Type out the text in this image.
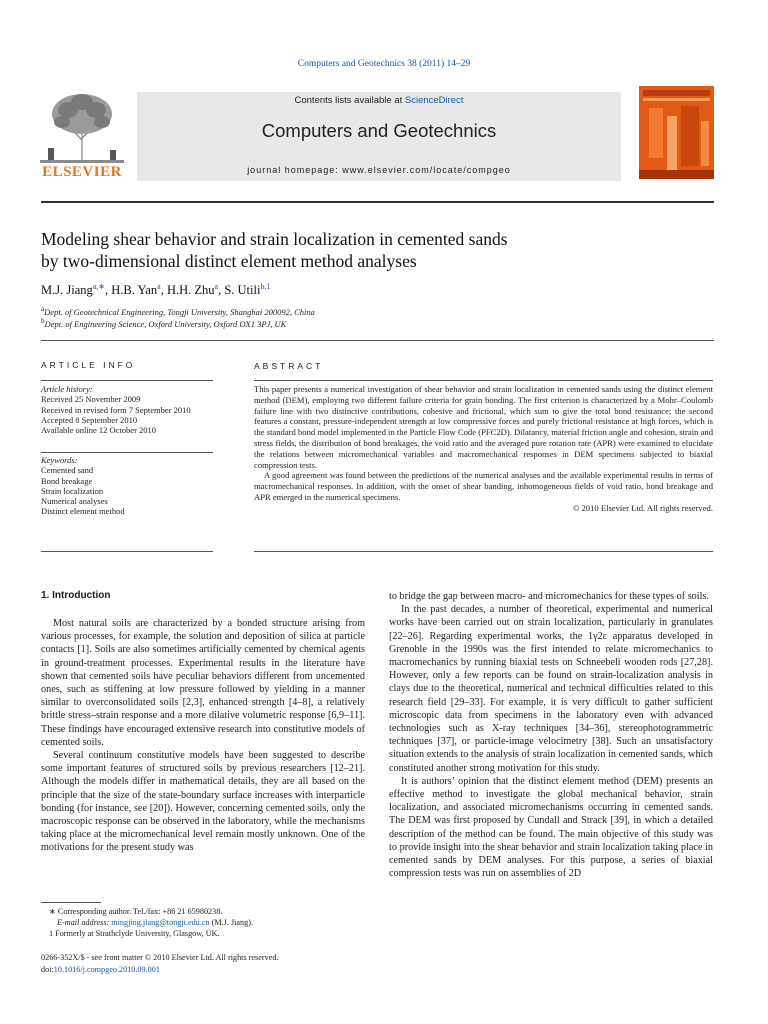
Computers and Geotechnics 38 (2011) 14–29
ELSEVIER
Contents lists available at ScienceDirect
Computers and Geotechnics
journal homepage: www.elsevier.com/locate/compgeo
Modeling shear behavior and strain localization in cemented sands
by two-dimensional distinct element method analyses
M.J. Jiang$^{a,∗}$, H.B. Yan$^a$, H.H. Zhu$^a$, S. Utili$^{b,1}$
$^a$Dept. of Geotechnical Engineering, Tongji University, Shanghai 200092, China
$^b$Dept. of Engineering Science, Oxford University, Oxford OX1 3PJ, UK
ARTICLE INFO
Article history:
Received 25 November 2009
Received in revised form 7 September 2010
Accepted 8 September 2010
Available online 12 October 2010
Keywords:
Cemented sand
Bond breakage
Strain localization
Numerical analyses
Distinct element method
ABSTRACT

This paper presents a numerical investigation of shear behavior and strain localization in cemented sands using the distinct element method (DEM), employing two different failure criteria for grain bonding. The first criterion is characterized by a Mohr–Coulomb failure line with two distinctive contributions, cohesive and frictional, which sum to give the total bond resistance; the second features a constant, pressure-independent strength at low compressive forces and purely frictional resistance at high forces, which is the standard bond model implemented in the Particle Flow Code (PFC2D). Dilatancy, material friction angle and cohesion, strain and stress fields, the distribution of bond breakages, the void ratio and the averaged pure rotation rate (APR) were examined to elucidate the relations between micromechanical variables and macromechanical responses in DEM specimens subjected to biaxial compression tests.

A good agreement was found between the predictions of the numerical analyses and the available experimental results in terms of macromechanical responses. In addition, with the onset of shear banding, inhomogeneous fields of void ratio, bond breakage and APR emerged in the numerical specimens.

© 2010 Elsevier Ltd. All rights reserved.

1. Introduction

Most natural soils are characterized by a bonded structure arising from various processes, for example, the solution and deposition of silica at particle contacts [1]. Soils are also sometimes artificially cemented by chemical agents in ground-treatment processes. Experimental results in the literature have shown that cemented soils have peculiar behaviors different from uncemented ones, such as stiffening at low pressure followed by yielding in a manner similar to overconsolidated soils [2,3], enhanced strength [4–8], a relatively brittle stress–strain response and a more dilative volumetric response [6,9–11]. These findings have encouraged extensive research into constitutive models of cemented soils.

Several continuum constitutive models have been suggested to describe some important features of structured soils by previous researchers [12–21]. Although the models differ in mathematical details, they are all based on the principle that the size of the state-boundary surface increases with interparticle bonding (for instance, see [20]). However, concerning cemented soils, only the macroscopic response can be observed in the laboratory, while the mechanisms taking place at the micromechanical level remain mostly unknown. One of the motivations for the present study was

to bridge the gap between macro- and micromechanics for these types of soils.

In the past decades, a number of theoretical, experimental and numerical works have been carried out on strain localization, particularly in granulates [22–26]. Regarding experimental works, the 1γ2ε apparatus developed in Grenoble in the 1990s was the first intended to relate micromechanics to macromechanics by running biaxial tests on Schneebeli wooden rods [27,28]. However, only a few reports can be found on strain-localization analysis in clays due to the theoretical, numerical and technical difficulties related to this research field [29–33]. For example, it is very difficult to gather sufficient microscopic data from specimens in the laboratory even with advanced technologies such as X-ray techniques [34–36], stereophotogrammetric techniques [37], or particle-image velocimetry [38]. Such an unsatisfactory situation extends to the analysis of strain localization in cemented sands, which constituted another strong motivation for this study.

It is authors’ opinion that the distinct element method (DEM) presents an effective method to investigate the global mechanical behavior, strain localization, and associated micromechanisms occurring in cemented sands. The DEM was first proposed by Cundall and Strack [39], in which a detailed description of the method can be found. The main objective of this study was to provide insight into the shear behavior and strain localization taking place in cemented sands by DEM analyses. For this purpose, a series of biaxial compression tests was run on assemblies of 2D

∗ Corresponding author. Tel./fax: +86 21 65980238.
E-mail address: mingjing.jiang@tongji.edu.cn (M.J. Jiang).
1 Formerly at Strathclyde University, Glasgow, UK.
0266-352X/$ - see front matter © 2010 Elsevier Ltd. All rights reserved.
doi:10.1016/j.compgeo.2010.09.001
